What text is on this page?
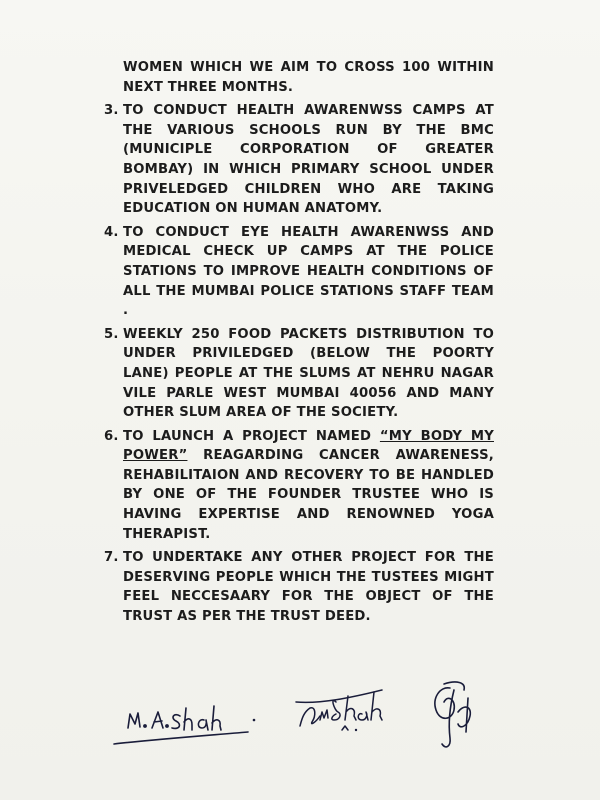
WOMEN WHICH WE AIM TO CROSS 100 WITHIN NEXT THREE MONTHS.

3. TO CONDUCT HEALTH AWARENWSS CAMPS AT THE VARIOUS SCHOOLS RUN BY THE BMC (MUNICIPLE CORPORATION OF GREATER BOMBAY) IN WHICH PRIMARY SCHOOL UNDER PRIVELEDGED CHILDREN WHO ARE TAKING EDUCATION ON HUMAN ANATOMY.

4. TO CONDUCT EYE HEALTH AWARENWSS AND MEDICAL CHECK UP CAMPS AT THE POLICE STATIONS TO IMPROVE HEALTH CONDITIONS OF ALL THE MUMBAI POLICE STATIONS STAFF TEAM .

5. WEEKLY 250 FOOD PACKETS DISTRIBUTION TO UNDER PRIVILEDGED (BELOW THE POORTY LANE) PEOPLE AT THE SLUMS AT NEHRU NAGAR VILE PARLE WEST MUMBAI 40056 AND MANY OTHER SLUM AREA OF THE SOCIETY.

6. TO LAUNCH A PROJECT NAMED “MY BODY MY POWER” REAGARDING CANCER AWARENESS, REHABILITAION AND RECOVERY TO BE HANDLED BY ONE OF THE FOUNDER TRUSTEE WHO IS HAVING EXPERTISE AND RENOWNED YOGA THERAPIST.

7. TO UNDERTAKE ANY OTHER PROJECT FOR THE DESERVING PEOPLE WHICH THE TUSTEES MIGHT FEEL NECCESAARY FOR THE OBJECT OF THE TRUST AS PER THE TRUST DEED.
